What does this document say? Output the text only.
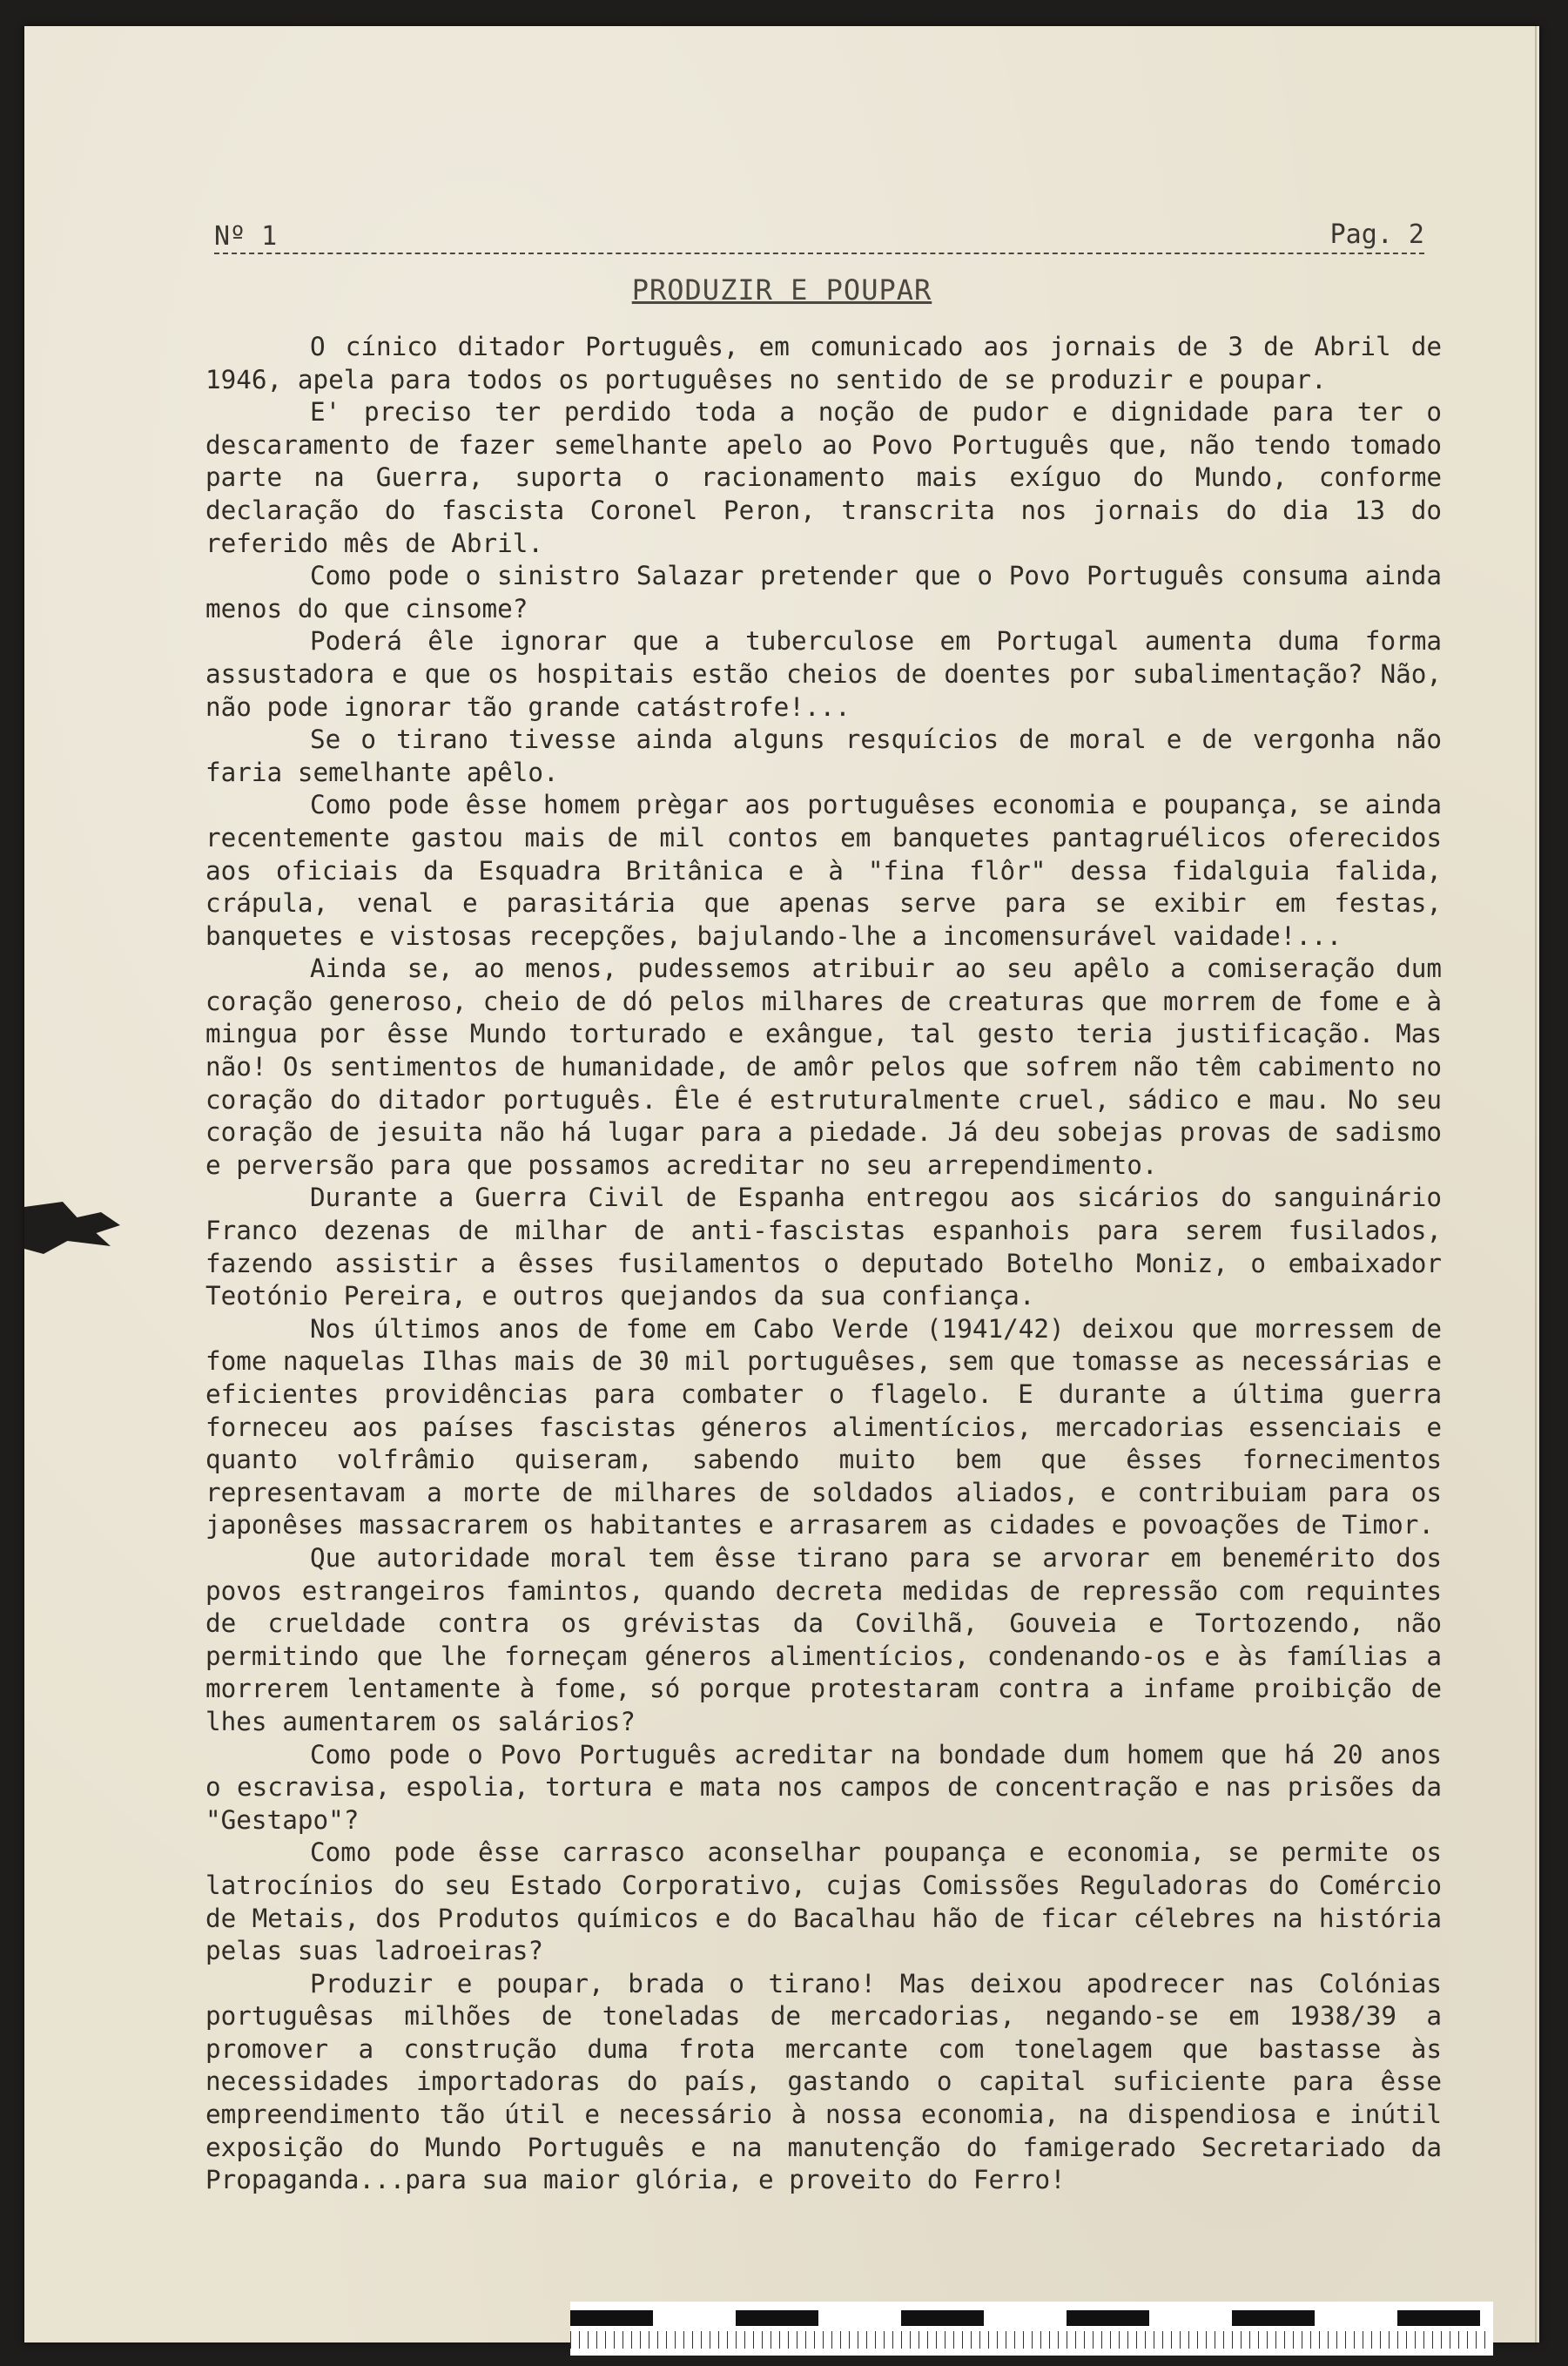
Nº 1	Pag. 2
PRODUZIR E POUPAR

O cínico ditador Português, em comunicado aos jornais de 3 de Abril de 1946, apela para todos os portuguêses no sentido de se produzir e poupar.

E' preciso ter perdido toda a noção de pudor e dignidade para ter o descaramento de fazer semelhante apelo ao Povo Português que, não tendo tomado parte na Guerra, suporta o racionamento mais exíguo do Mundo, conforme declaração do fascista Coronel Peron, transcrita nos jornais do dia 13 do referido mês de Abril.

Como pode o sinistro Salazar pretender que o Povo Português consuma ainda menos do que cinsome?

Poderá êle ignorar que a tuberculose em Portugal aumenta duma forma assustadora e que os hospitais estão cheios de doentes por subalimentação? Não, não pode ignorar tão grande catástrofe!...

Se o tirano tivesse ainda alguns resquícios de moral e de vergonha não faria semelhante apêlo.

Como pode êsse homem prègar aos portuguêses economia e poupança, se ainda recentemente gastou mais de mil contos em banquetes pantagruélicos oferecidos aos oficiais da Esquadra Britânica e à "fina flôr" dessa fidalguia falida, crápula, venal e parasitária que apenas serve para se exibir em festas, banquetes e vistosas recepções, bajulando-lhe a incomensurável vaidade!...

Ainda se, ao menos, pudessemos atribuir ao seu apêlo a comiseração dum coração generoso, cheio de dó pelos milhares de creaturas que morrem de fome e à mingua por êsse Mundo torturado e exângue, tal gesto teria justificação. Mas não! Os sentimentos de humanidade, de amôr pelos que sofrem não têm cabimento no coração do ditador português. Êle é estruturalmente cruel, sádico e mau. No seu coração de jesuita não há lugar para a piedade. Já deu sobejas provas de sadismo e perversão para que possamos acreditar no seu arrependimento.

Durante a Guerra Civil de Espanha entregou aos sicários do sanguinário Franco dezenas de milhar de anti-fascistas espanhois para serem fusilados, fazendo assistir a êsses fusilamentos o deputado Botelho Moniz, o embaixador Teotónio Pereira, e outros quejandos da sua confiança.

Nos últimos anos de fome em Cabo Verde (1941/42) deixou que morressem de fome naquelas Ilhas mais de 30 mil portuguêses, sem que tomasse as necessárias e eficientes providências para combater o flagelo. E durante a última guerra forneceu aos países fascistas géneros alimentícios, mercadorias essenciais e quanto volfrâmio quiseram, sabendo muito bem que êsses fornecimentos representavam a morte de milhares de soldados aliados, e contribuiam para os japonêses massacrarem os habitantes e arrasarem as cidades e povoações de Timor.

Que autoridade moral tem êsse tirano para se arvorar em benemérito dos povos estrangeiros famintos, quando decreta medidas de repressão com requintes de crueldade contra os grévistas da Covilhã, Gouveia e Tortozendo, não permitindo que lhe forneçam géneros alimentícios, condenando-os e às famílias a morrerem lentamente à fome, só porque protestaram contra a infame proibição de lhes aumentarem os salários?

Como pode o Povo Português acreditar na bondade dum homem que há 20 anos o escravisa, espolia, tortura e mata nos campos de concentração e nas prisões da "Gestapo"?

Como pode êsse carrasco aconselhar poupança e economia, se permite os latrocínios do seu Estado Corporativo, cujas Comissões Reguladoras do Comércio de Metais, dos Produtos químicos e do Bacalhau hão de ficar célebres na história pelas suas ladroeiras?

Produzir e poupar, brada o tirano! Mas deixou apodrecer nas Colónias portuguêsas milhões de toneladas de mercadorias, negando-se em 1938/39 a promover a construção duma frota mercante com tonelagem que bastasse às necessidades importadoras do país, gastando o capital suficiente para êsse empreendimento tão útil e necessário à nossa economia, na dispendiosa e inútil exposição do Mundo Português e na manutenção do famigerado Secretariado da Propaganda...para sua maior glória, e proveito do Ferro!
